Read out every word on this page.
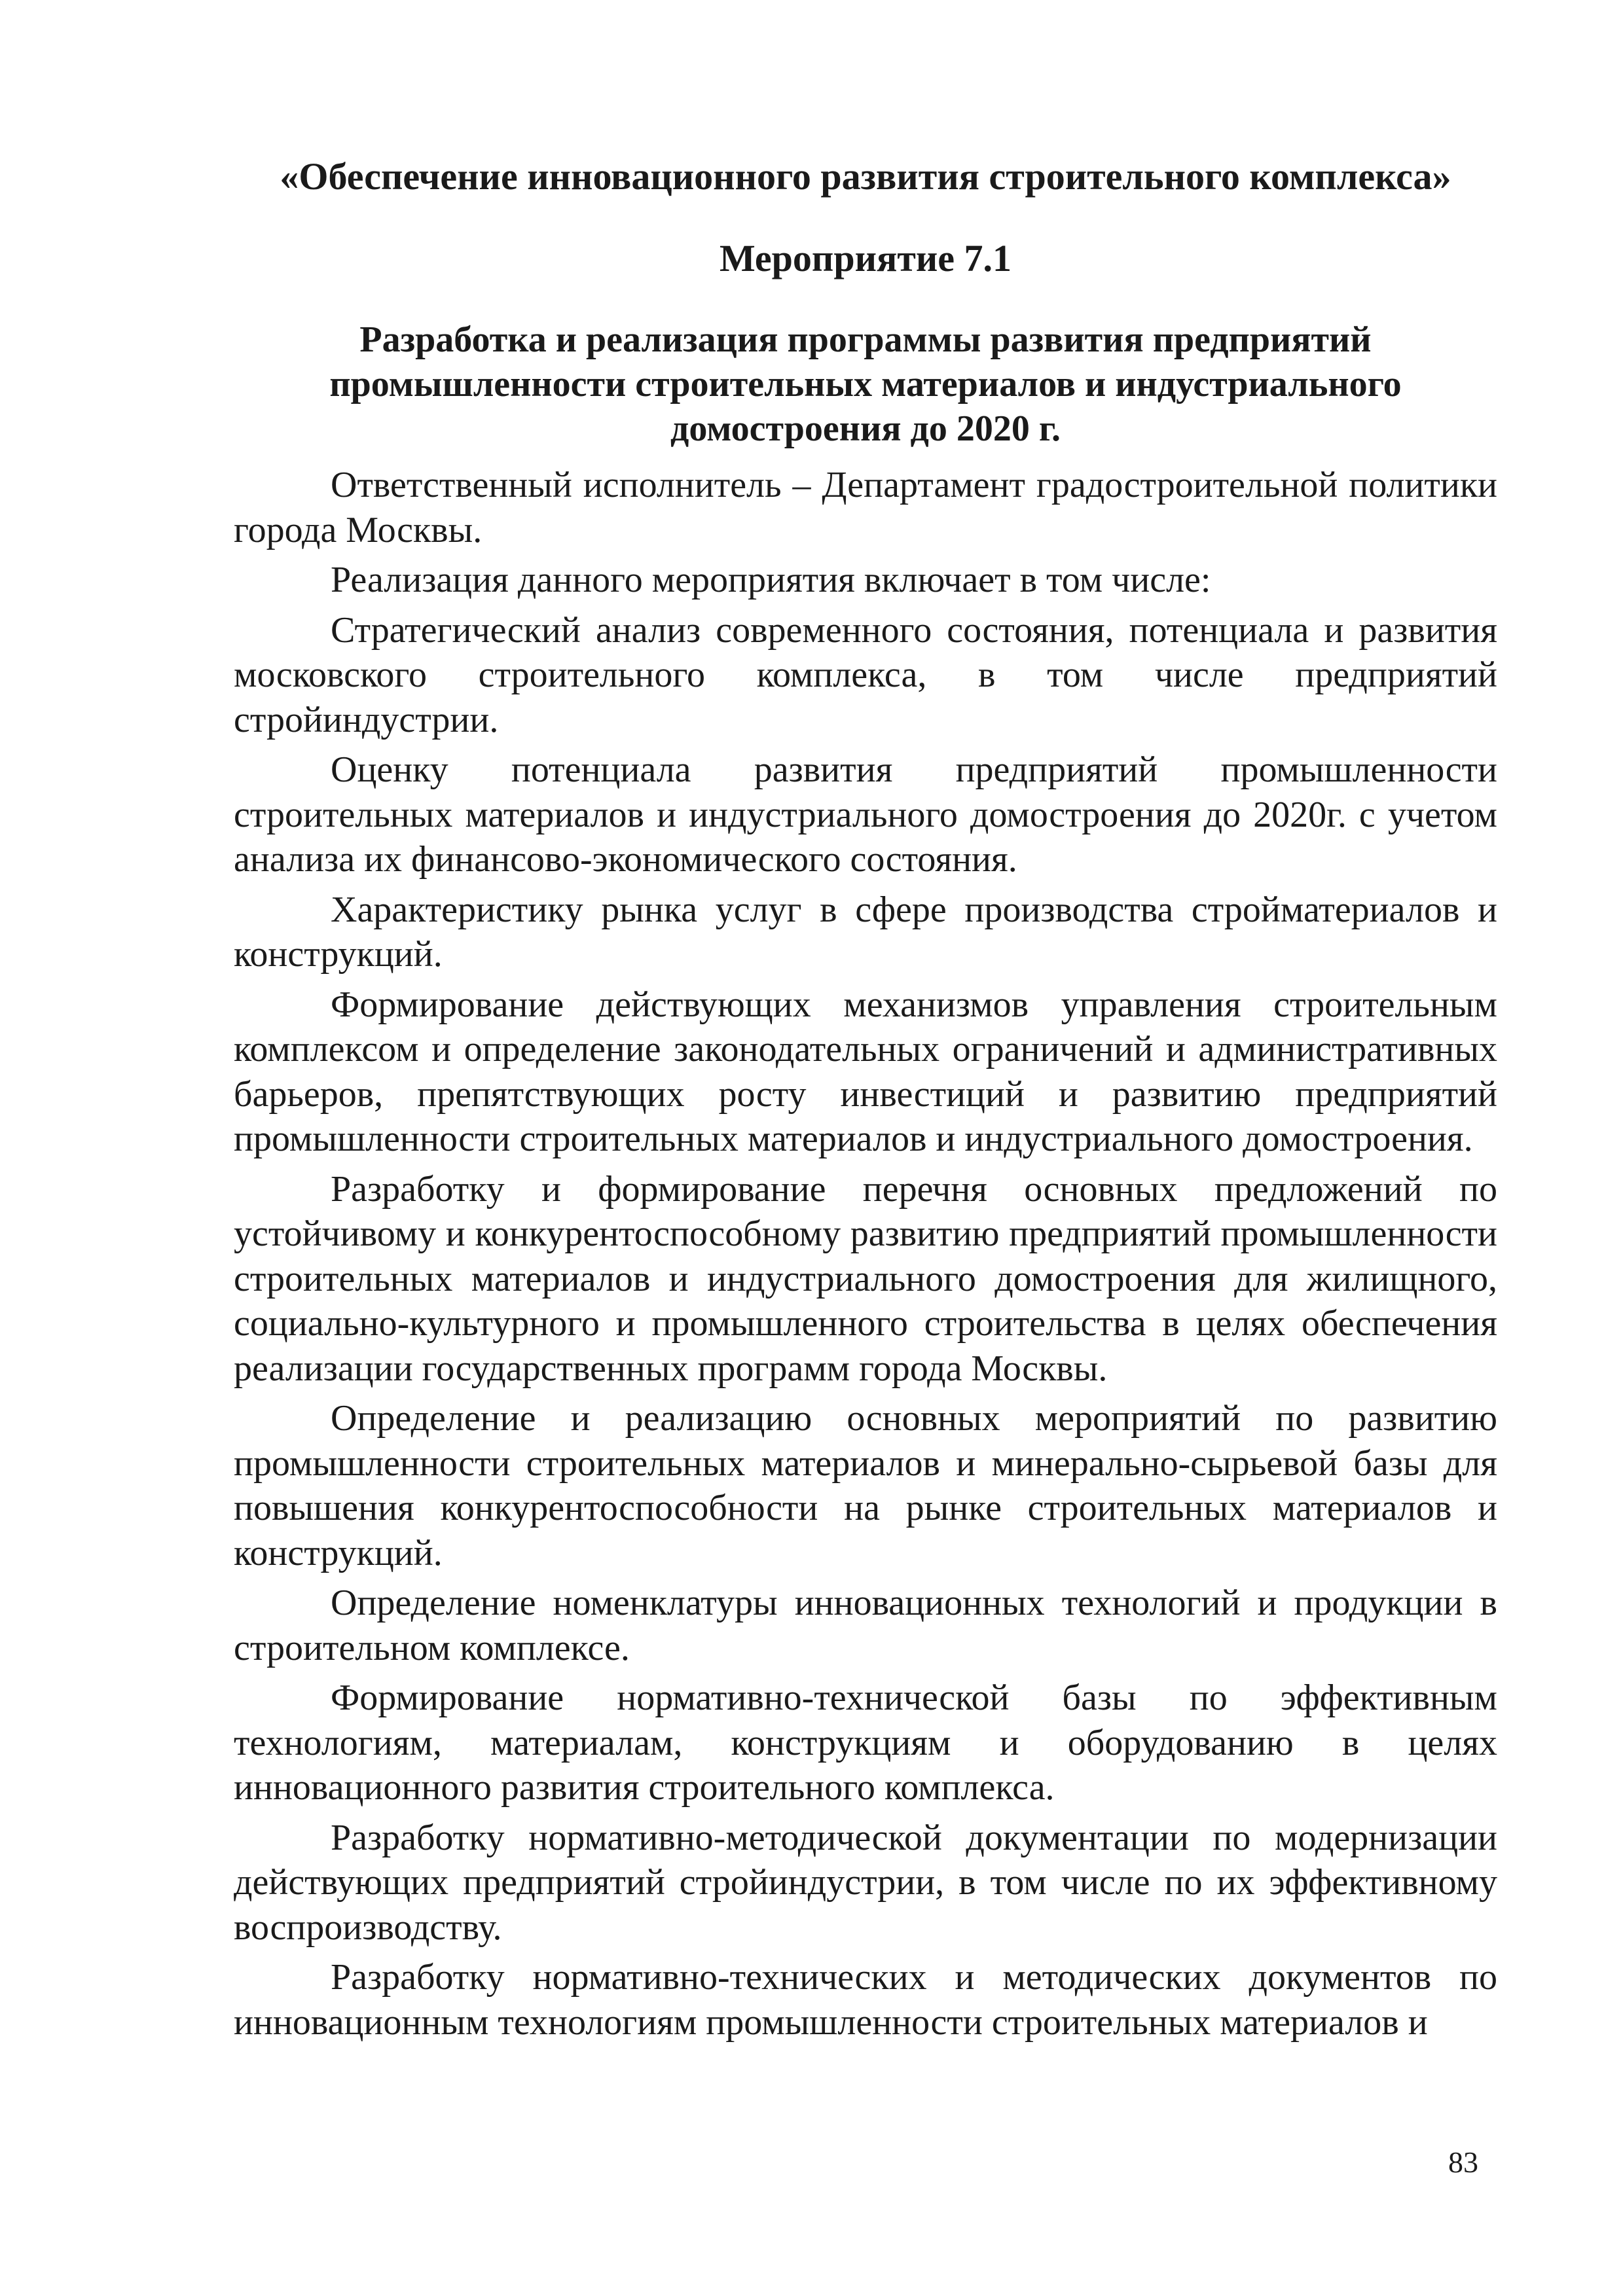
«Обеспечение инновационного развития строительного комплекса»

Мероприятие 7.1

Разработка и реализация программы развития предприятий промышленности строительных материалов и индустриального домостроения до 2020 г.

Ответственный исполнитель – Департамент градостроительной политики города Москвы.

Реализация данного мероприятия включает в том числе:

Стратегический анализ современного состояния, потенциала и развития московского строительного комплекса, в том числе предприятий стройиндустрии.

Оценку потенциала развития предприятий промышленности строительных материалов и индустриального домостроения до 2020г. с учетом анализа их финансово-экономического состояния.

Характеристику рынка услуг в сфере производства стройматериалов и конструкций.

Формирование действующих механизмов управления строительным комплексом и определение законодательных ограничений и административных барьеров, препятствующих росту инвестиций и развитию предприятий промышленности строительных материалов и индустриального домостроения.

Разработку и формирование перечня основных предложений по устойчивому и конкурентоспособному развитию предприятий промышленности строительных материалов и индустриального домостроения для жилищного, социально-культурного и промышленного строительства в целях обеспечения реализации государственных программ города Москвы.

Определение и реализацию основных мероприятий по развитию промышленности строительных материалов и минерально-сырьевой базы для повышения конкурентоспособности на рынке строительных материалов и конструкций.

Определение номенклатуры инновационных технологий и продукции в строительном комплексе.

Формирование нормативно-технической базы по эффективным технологиям, материалам, конструкциям и оборудованию в целях инновационного развития строительного комплекса.

Разработку нормативно-методической документации по модернизации действующих предприятий стройиндустрии, в том числе по их эффективному воспроизводству.

Разработку нормативно-технических и методических документов по инновационным технологиям промышленности строительных материалов и

83
